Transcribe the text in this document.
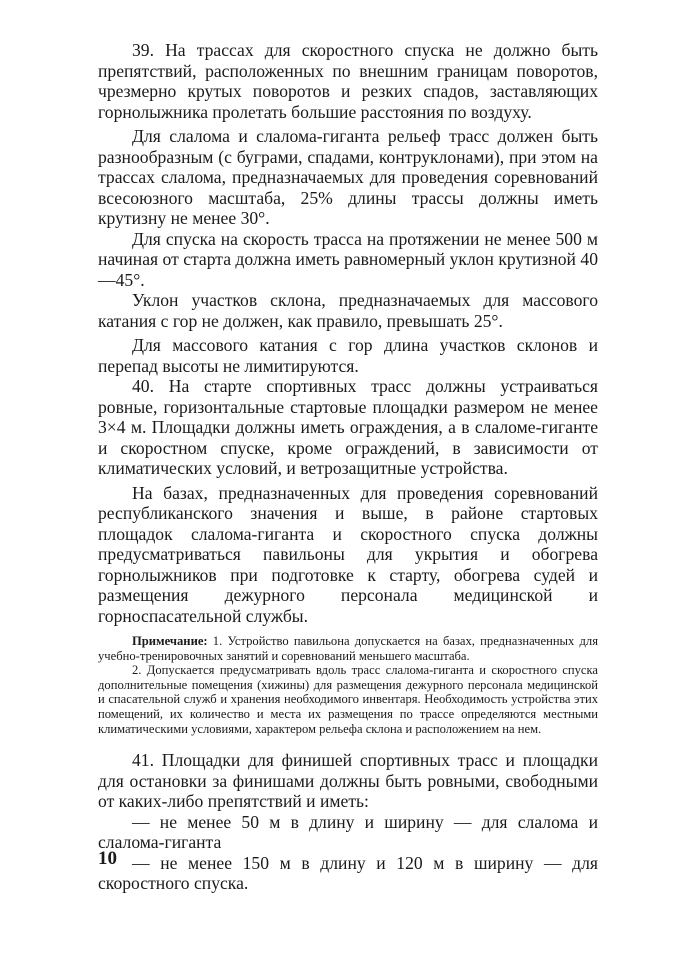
39. На трассах для скоростного спуска не должно быть препятствий, расположенных по внешним границам поворотов, чрезмерно крутых поворотов и резких спадов, заставляющих горнолыжника пролетать большие расстояния по воздуху.

Для слалома и слалома-гиганта рельеф трасс должен быть разнообразным (с буграми, спадами, контруклонами), при этом на трассах слалома, предназначаемых для проведения соревнований всесоюзного масштаба, 25% длины трассы должны иметь крутизну не менее 30°.

Для спуска на скорость трасса на протяжении не менее 500 м начиная от старта должна иметь равномерный уклон крутизной 40—45°.

Уклон участков склона, предназначаемых для массового катания с гор не должен, как правило, превышать 25°.

Для массового катания с гор длина участков склонов и перепад высоты не лимитируются.

40. На старте спортивных трасс должны устраиваться ровные, горизонтальные стартовые площадки размером не менее 3×4 м. Площадки должны иметь ограждения, а в слаломе-гиганте и скоростном спуске, кроме ограждений, в зависимости от климатических условий, и ветрозащитные устройства.

На базах, предназначенных для проведения соревнований республиканского значения и выше, в районе стартовых площадок слалома-гиганта и скоростного спуска должны предусматриваться павильоны для укрытия и обогрева горнолыжников при подготовке к старту, обогрева судей и размещения дежурного персонала медицинской и горноспасательной службы.

Примечание: 1. Устройство павильона допускается на базах, предназначенных для учебно-тренировочных занятий и соревнований меньшего масштаба.

2. Допускается предусматривать вдоль трасс слалома-гиганта и скоростного спуска дополнительные помещения (хижины) для размещения дежурного персонала медицинской и спасательной служб и хранения необходимого инвентаря. Необходимость устройства этих помещений, их количество и места их размещения по трассе определяются местными климатическими условиями, характером рельефа склона и расположением на нем.

41. Площадки для финишей спортивных трасс и площадки для остановки за финишами должны быть ровными, свободными от каких-либо препятствий и иметь:

— не менее 50 м в длину и ширину — для слалома и слалома-гиганта

— не менее 150 м в длину и 120 м в ширину — для скоростного спуска.

10
